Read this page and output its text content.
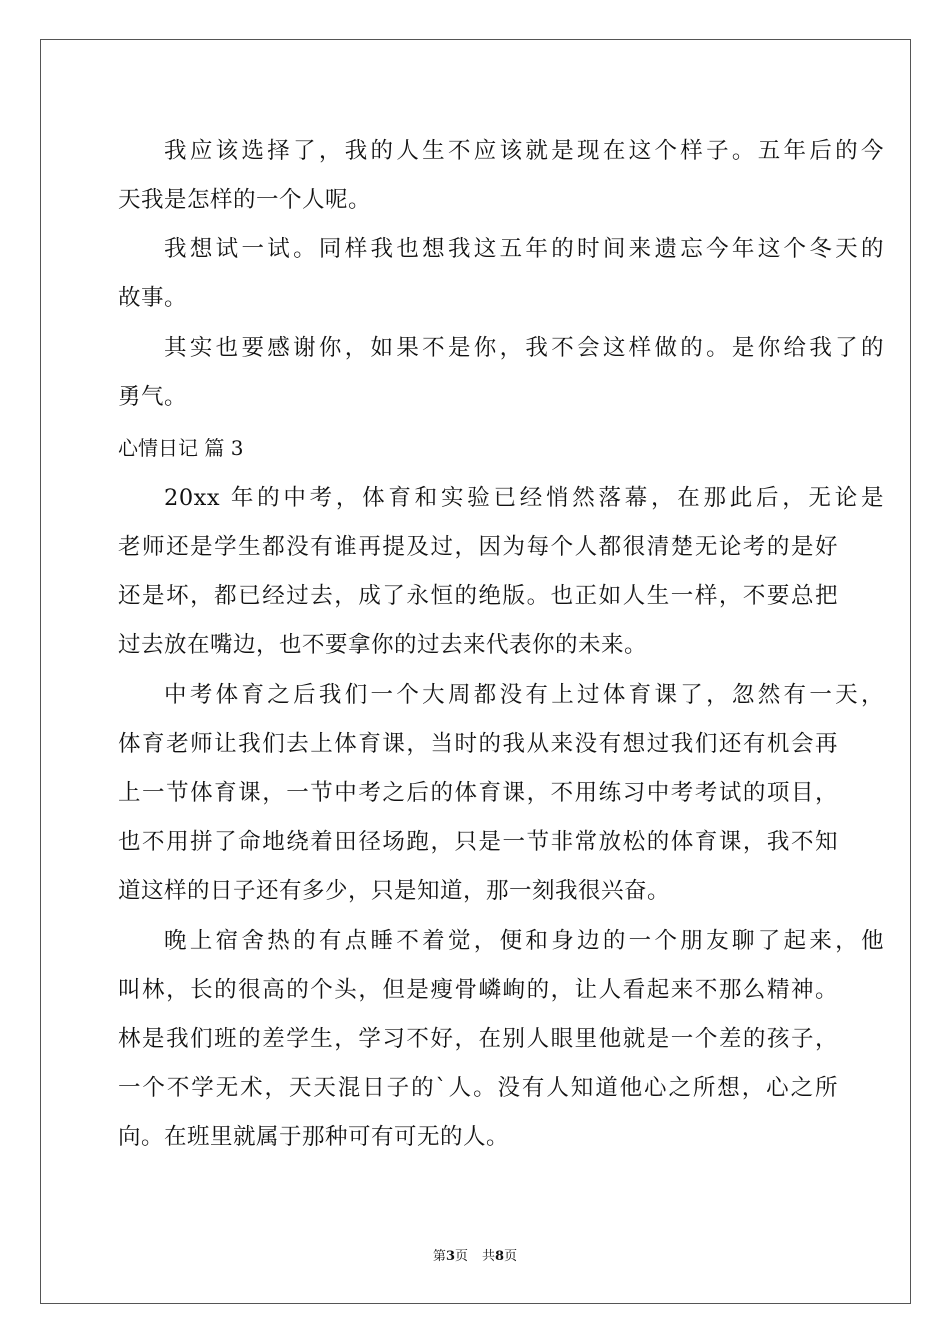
我应该选择了，我的人生不应该就是现在这个样子。五年后的今
天我是怎样的一个人呢。
我想试一试。同样我也想我这五年的时间来遗忘今年这个冬天的
故事。
其实也要感谢你，如果不是你，我不会这样做的。是你给我了的
勇气。
心情日记 篇 3
20xx 年的中考，体育和实验已经悄然落幕，在那此后，无论是
老师还是学生都没有谁再提及过，因为每个人都很清楚无论考的是好
还是坏，都已经过去，成了永恒的绝版。也正如人生一样，不要总把
过去放在嘴边，也不要拿你的过去来代表你的未来。
中考体育之后我们一个大周都没有上过体育课了，忽然有一天，
体育老师让我们去上体育课，当时的我从来没有想过我们还有机会再
上一节体育课，一节中考之后的体育课，不用练习中考考试的项目，
也不用拼了命地绕着田径场跑，只是一节非常放松的体育课，我不知
道这样的日子还有多少，只是知道，那一刻我很兴奋。
晚上宿舍热的有点睡不着觉，便和身边的一个朋友聊了起来，他
叫林，长的很高的个头，但是瘦骨嶙峋的，让人看起来不那么精神。
林是我们班的差学生，学习不好，在别人眼里他就是一个差的孩子，
一个不学无术，天天混日子的`人。没有人知道他心之所想，心之所
向。在班里就属于那种可有可无的人。
第3页 共8页
